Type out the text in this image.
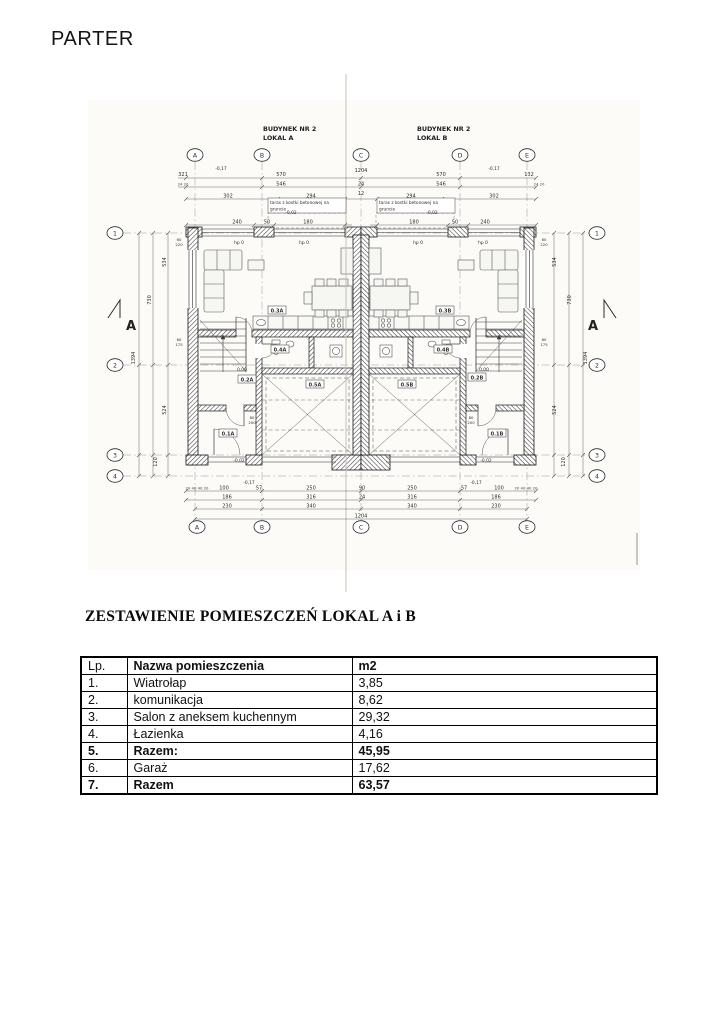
PARTER
A	B	C	D	E
A	B	C	D	E
1
2
3
4
1
2
3
4
A	A
BUDYNEK NR 2
LOKAL A
BUDYNEK NR 2
LOKAL B
taras z kostki betonowej na
gruncie
taras z kostki betonowej na
gruncie
0.3A
0.4A
0.2A
0.1A
0.5A
0.3B
0.4B
0.2B
0.1B
0.5B
hp 0	hp 0	hp 0	hp 0
0,00	0,00
-0,02	-0,02
-0,02	-0,02
-0,17	-0,17
-0,17	-0,17
60
220
60
175
60
220
60
175
80
200
80
200
321	570
1204
570	132
546	24	546
24 20	24 20
302	294	12	294	302
240	50	180	180	50	240
100	57	250	90	250	57	100
20 40 40 20	20 40 40 20
186	316	24	316	186
230	340	340	230
1204
1394
730
534
524
120
1394
730
534
524
120
ZESTAWIENIE POMIESZCZEŃ LOKAL A i B
Lp.	Nazwa pomieszczenia	m2
1.	Wiatrołap	3,85
2.	komunikacja	8,62
3.	Salon z aneksem kuchennym	29,32
4.	Łazienka	4,16
5.	Razem:	45,95
6.	Garaż	17,62
7.	Razem	63,57
